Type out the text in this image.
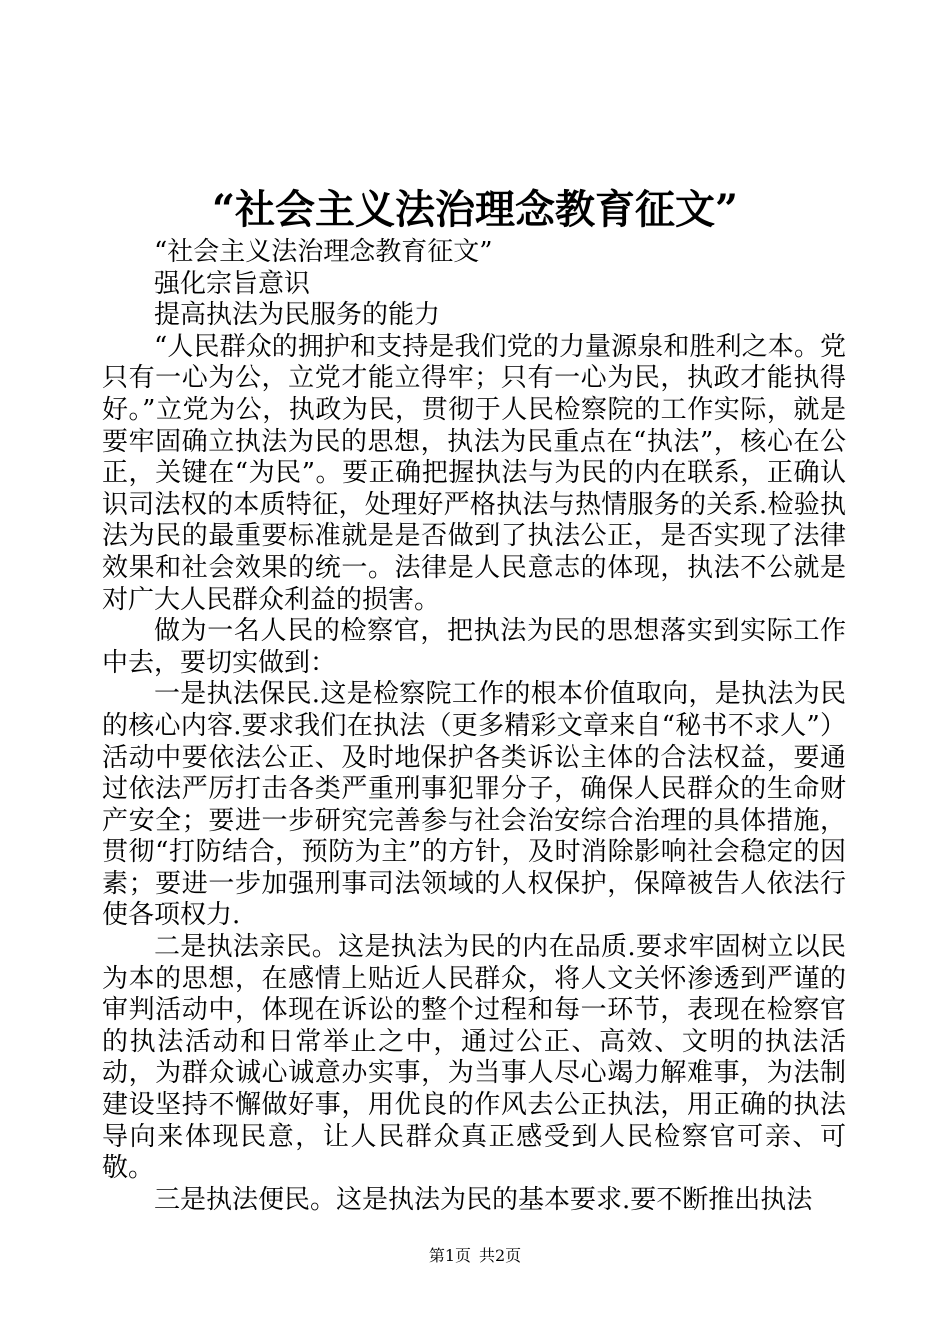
“社会主义法治理念教育征文”

“社会主义法治理念教育征文”

强化宗旨意识

提高执法为民服务的能力

“人民群众的拥护和支持是我们党的力量源泉和胜利之本。党只有一心为公，立党才能立得牢；只有一心为民，执政才能执得好。”立党为公，执政为民，贯彻于人民检察院的工作实际，就是要牢固确立执法为民的思想，执法为民重点在“执法”，核心在公正，关键在“为民”。要正确把握执法与为民的内在联系，正确认识司法权的本质特征，处理好严格执法与热情服务的关系.检验执法为民的最重要标准就是是否做到了执法公正，是否实现了法律效果和社会效果的统一。法律是人民意志的体现，执法不公就是对广大人民群众利益的损害。

做为一名人民的检察官，把执法为民的思想落实到实际工作中去，要切实做到：

一是执法保民.这是检察院工作的根本价值取向，是执法为民的核心内容.要求我们在执法（更多精彩文章来自“秘书不求人”）活动中要依法公正、及时地保护各类诉讼主体的合法权益，要通过依法严厉打击各类严重刑事犯罪分子，确保人民群众的生命财产安全；要进一步研究完善参与社会治安综合治理的具体措施，贯彻“打防结合，预防为主”的方针，及时消除影响社会稳定的因素；要进一步加强刑事司法领域的人权保护，保障被告人依法行使各项权力.

二是执法亲民。这是执法为民的内在品质.要求牢固树立以民为本的思想，在感情上贴近人民群众，将人文关怀渗透到严谨的审判活动中，体现在诉讼的整个过程和每一环节，表现在检察官的执法活动和日常举止之中，通过公正、高效、文明的执法活动，为群众诚心诚意办实事，为当事人尽心竭力解难事，为法制建设坚持不懈做好事，用优良的作风去公正执法，用正确的执法导向来体现民意，让人民群众真正感受到人民检察官可亲、可敬。

三是执法便民。这是执法为民的基本要求.要不断推出执法

第1页 共2页
